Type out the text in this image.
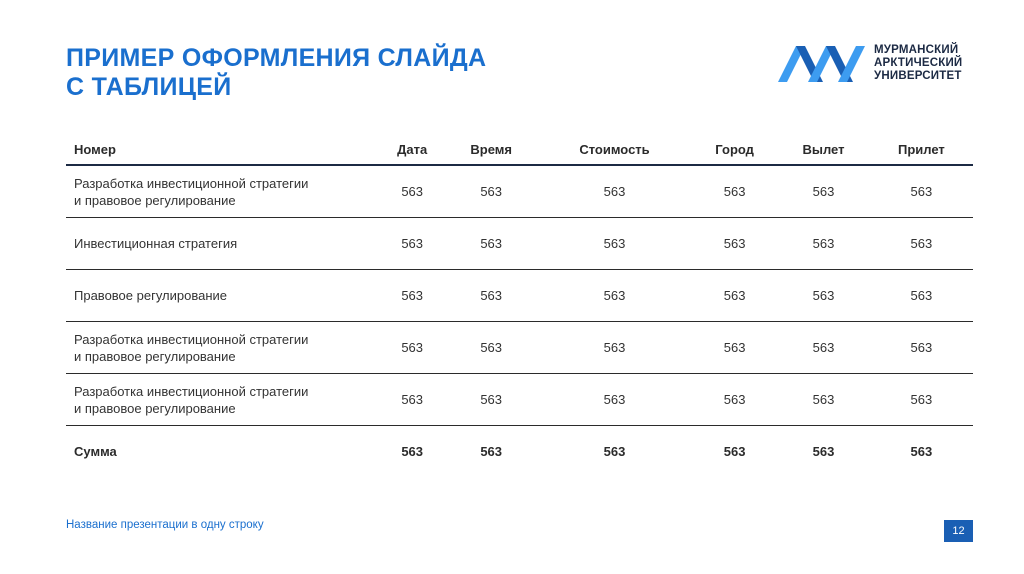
ПРИМЕР ОФОРМЛЕНИЯ СЛАЙДА
С ТАБЛИЦЕЙ
МУРМАНСКИЙ
АРКТИЧЕСКИЙ
УНИВЕРСИТЕТ
Номер	Дата	Время	Стоимость	Город	Вылет	Прилет

Разработка инвестиционной стратегии
и правовое регулирование	563	563	563	563	563	563

Инвестиционная стратегия	563	563	563	563	563	563

Правовое регулирование	563	563	563	563	563	563

Разработка инвестиционной стратегии
и правовое регулирование	563	563	563	563	563	563

Разработка инвестиционной стратегии
и правовое регулирование	563	563	563	563	563	563
Сумма	563	563	563	563	563	563
Название презентации в одну строку	12
